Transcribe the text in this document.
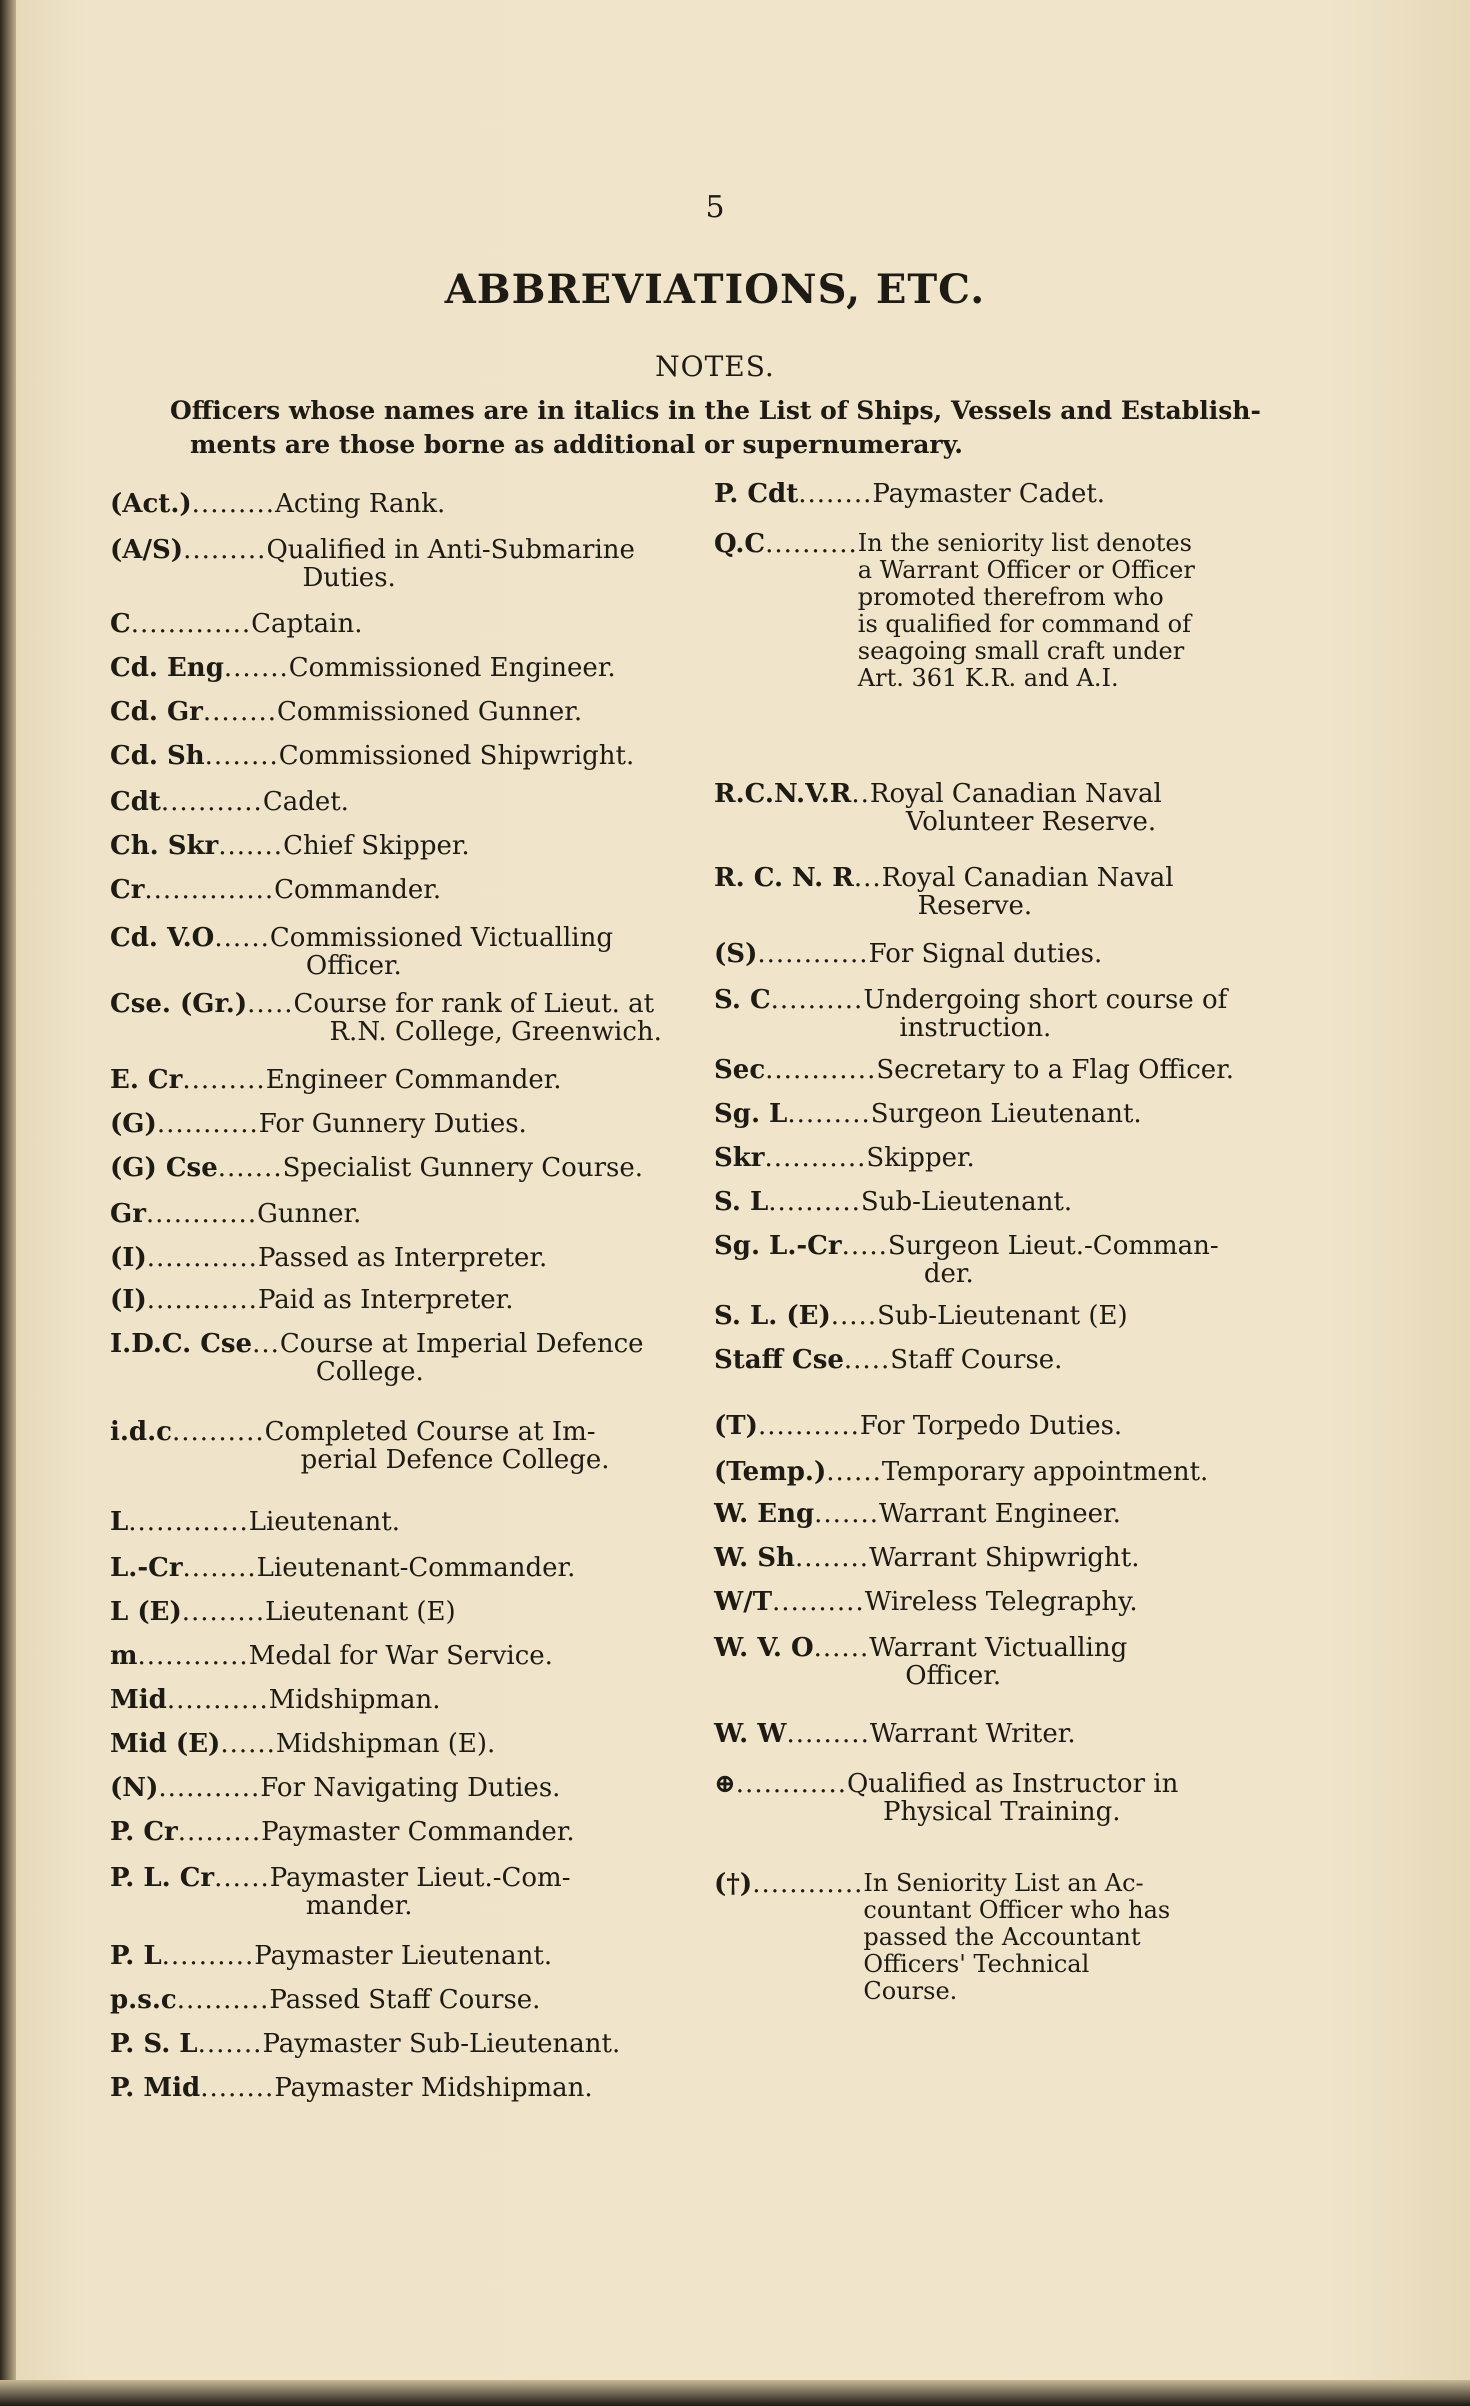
5
ABBREVIATIONS, ETC.
NOTES.
Officers whose names are in italics in the List of Ships, Vessels and Establish-
ments are those borne as additional or supernumerary.
(Act.) ......... Acting Rank.
(A/S) ......... Qualified in Anti-Submarine
Duties.
C ............. Captain.
Cd. Eng ....... Commissioned Engineer.
Cd. Gr ........ Commissioned Gunner.
Cd. Sh ........ Commissioned Shipwright.
Cdt ........... Cadet.
Ch. Skr ....... Chief Skipper.
Cr .............. Commander.
Cd. V.O ...... Commissioned Victualling
Officer.
Cse. (Gr.) ..... Course for rank of Lieut. at
R.N. College, Greenwich.
E. Cr ......... Engineer Commander.
(G) ........... For Gunnery Duties.
(G) Cse ....... Specialist Gunnery Course.
Gr ............ Gunner.
(I) ............ Passed as Interpreter.
(I) ............ Paid as Interpreter.
I.D.C. Cse ... Course at Imperial Defence
College.
i.d.c .......... Completed Course at Im-
perial Defence College.
L ............. Lieutenant.
L.-Cr ........ Lieutenant-Commander.
L (E) ......... Lieutenant (E)
m ............ Medal for War Service.
Mid ........... Midshipman.
Mid (E) ...... Midshipman (E).
(N) ........... For Navigating Duties.
P. Cr ......... Paymaster Commander.
P. L. Cr ...... Paymaster Lieut.-Com-
mander.
P. L .......... Paymaster Lieutenant.
p.s.c .......... Passed Staff Course.
P. S. L ....... Paymaster Sub-Lieutenant.
P. Mid ........ Paymaster Midshipman.
P. Cdt ........ Paymaster Cadet.
Q.C .......... In the seniority list denotes
a Warrant Officer or Officer
promoted therefrom who
is qualified for command of
seagoing small craft under
Art. 361 K.R. and A.I.
R.C.N.V.R .. Royal Canadian Naval
Volunteer Reserve.
R. C. N. R ... Royal Canadian Naval
Reserve.
(S) ............ For Signal duties.
S. C .......... Undergoing short course of
instruction.
Sec ............ Secretary to a Flag Officer.
Sg. L ......... Surgeon Lieutenant.
Skr ........... Skipper.
S. L .......... Sub-Lieutenant.
Sg. L.-Cr ..... Surgeon Lieut.-Comman-
der.
S. L. (E) ..... Sub-Lieutenant (E)
Staff Cse ..... Staff Course.
(T) ........... For Torpedo Duties.
(Temp.) ...... Temporary appointment.
W. Eng ....... Warrant Engineer.
W. Sh ........ Warrant Shipwright.
W/T .......... Wireless Telegraphy.
W. V. O ...... Warrant Victualling
Officer.
W. W ......... Warrant Writer.
⊕ ............ Qualified as Instructor in
Physical Training.
(†) ............ In Seniority List an Ac-
countant Officer who has
passed the Accountant
Officers' Technical
Course.
